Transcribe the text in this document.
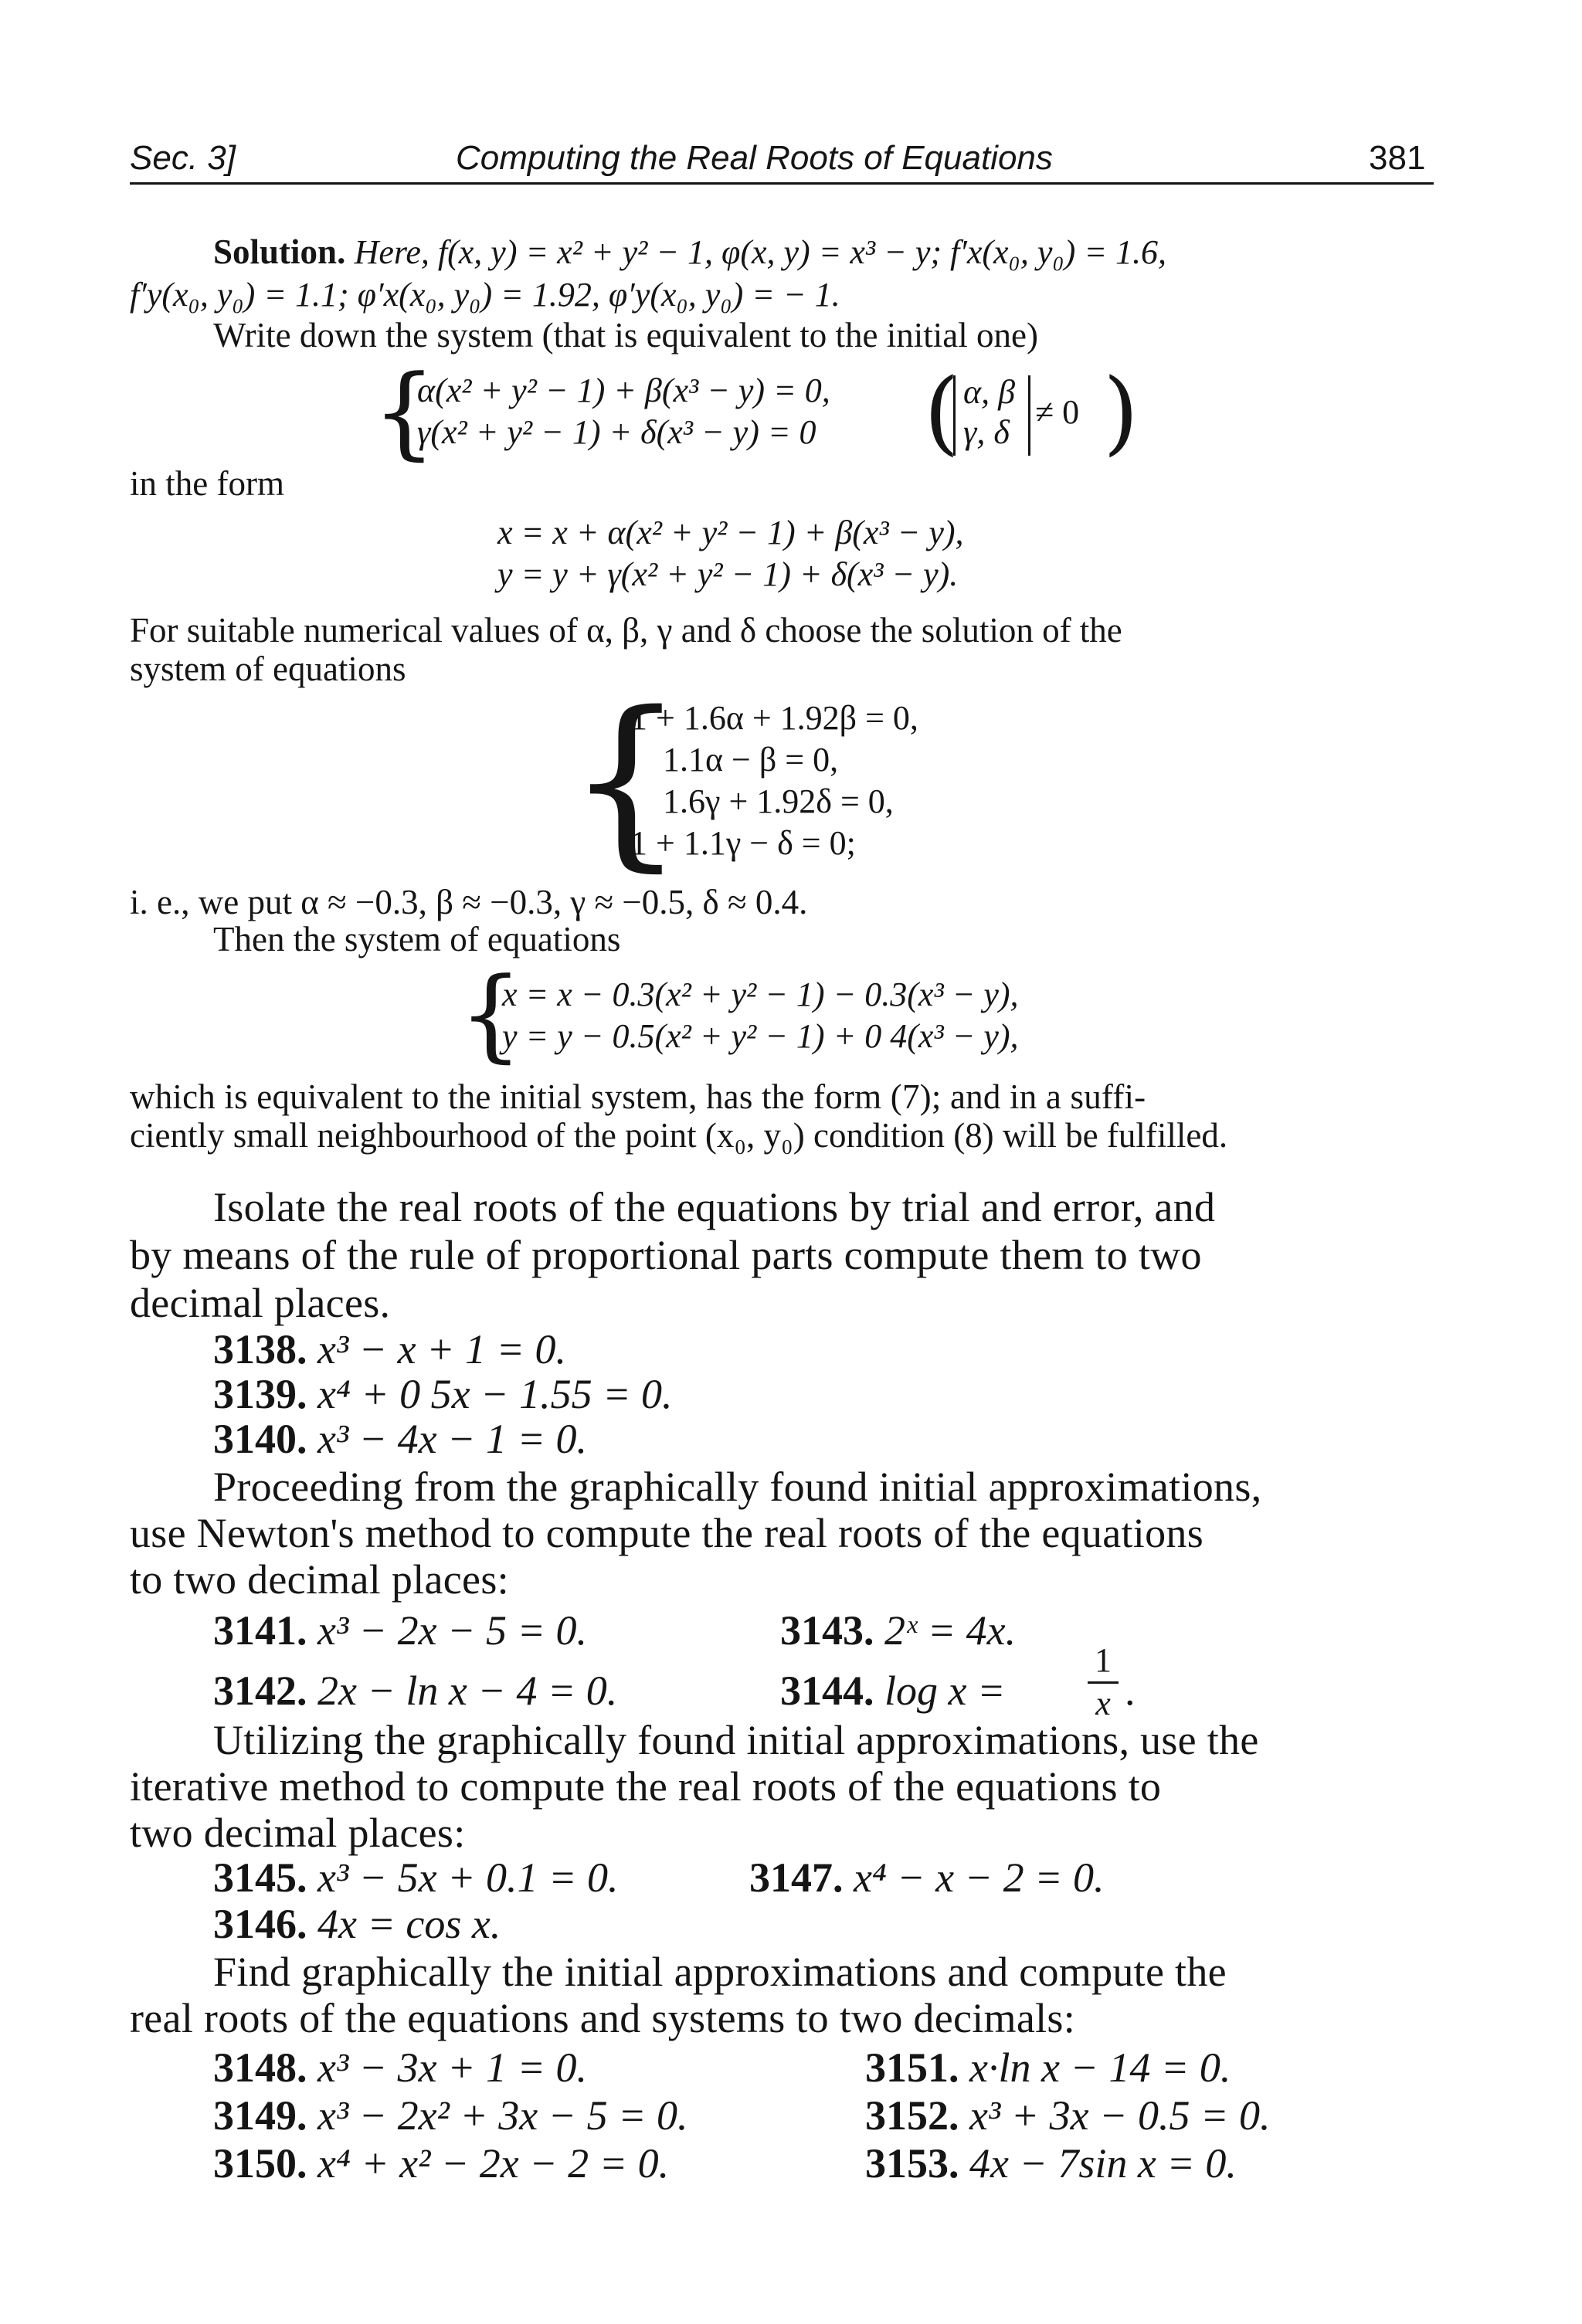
Sec. 3]	Computing the Real Roots of Equations	381
Solution. Here, f(x, y) = x² + y² − 1, φ(x, y) = x³ − y; f′x(x₀, y₀) = 1.6,
f′y(x₀, y₀) = 1.1; φ′x(x₀, y₀) = 1.92, φ′y(x₀, y₀) = − 1.
Write down the system (that is equivalent to the initial one)
{
α(x² + y² − 1) + β(x³ − y) = 0,
γ(x² + y² − 1) + δ(x³ − y) = 0 ( α, β
γ, δ
≠ 0 )
in the form
x = x + α(x² + y² − 1) + β(x³ − y),
y = y + γ(x² + y² − 1) + δ(x³ − y).
For suitable numerical values of α, β, γ and δ choose the solution of the
system of equations
{
1 + 1.6α + 1.92β = 0,
1.1α − β = 0,
1.6γ + 1.92δ = 0,
1 + 1.1γ − δ = 0;
i. e., we put α ≈ −0.3, β ≈ −0.3, γ ≈ −0.5, δ ≈ 0.4.
Then the system of equations
{
x = x − 0.3(x² + y² − 1) − 0.3(x³ − y),
y = y − 0.5(x² + y² − 1) + 0 4(x³ − y),
which is equivalent to the initial system, has the form (7); and in a suffi-
ciently small neighbourhood of the point (x₀, y₀) condition (8) will be fulfilled.
Isolate the real roots of the equations by trial and error, and
by means of the rule of proportional parts compute them to two
decimal places.
3138. x³ − x + 1 = 0.
3139. x⁴ + 0 5x − 1.55 = 0.
3140. x³ − 4x − 1 = 0.
Proceeding from the graphically found initial approximations,
use Newton's method to compute the real roots of the equations
to two decimal places:
3141. x³ − 2x − 5 = 0.	3143. 2ˣ = 4x.
3142. 2x − ln x − 4 = 0.	3144. $\log x = \frac{1}{x}$ .
Utilizing the graphically found initial approximations, use the
iterative method to compute the real roots of the equations to
two decimal places:
3145. x³ − 5x + 0.1 = 0.	3147. x⁴ − x − 2 = 0.
3146. 4x = cos x.
Find graphically the initial approximations and compute the
real roots of the equations and systems to two decimals:
3148. x³ − 3x + 1 = 0.	3151. x·ln x − 14 = 0.
3149. x³ − 2x² + 3x − 5 = 0.	3152. x³ + 3x − 0.5 = 0.
3150. x⁴ + x² − 2x − 2 = 0.	3153. 4x − 7sin x = 0.
